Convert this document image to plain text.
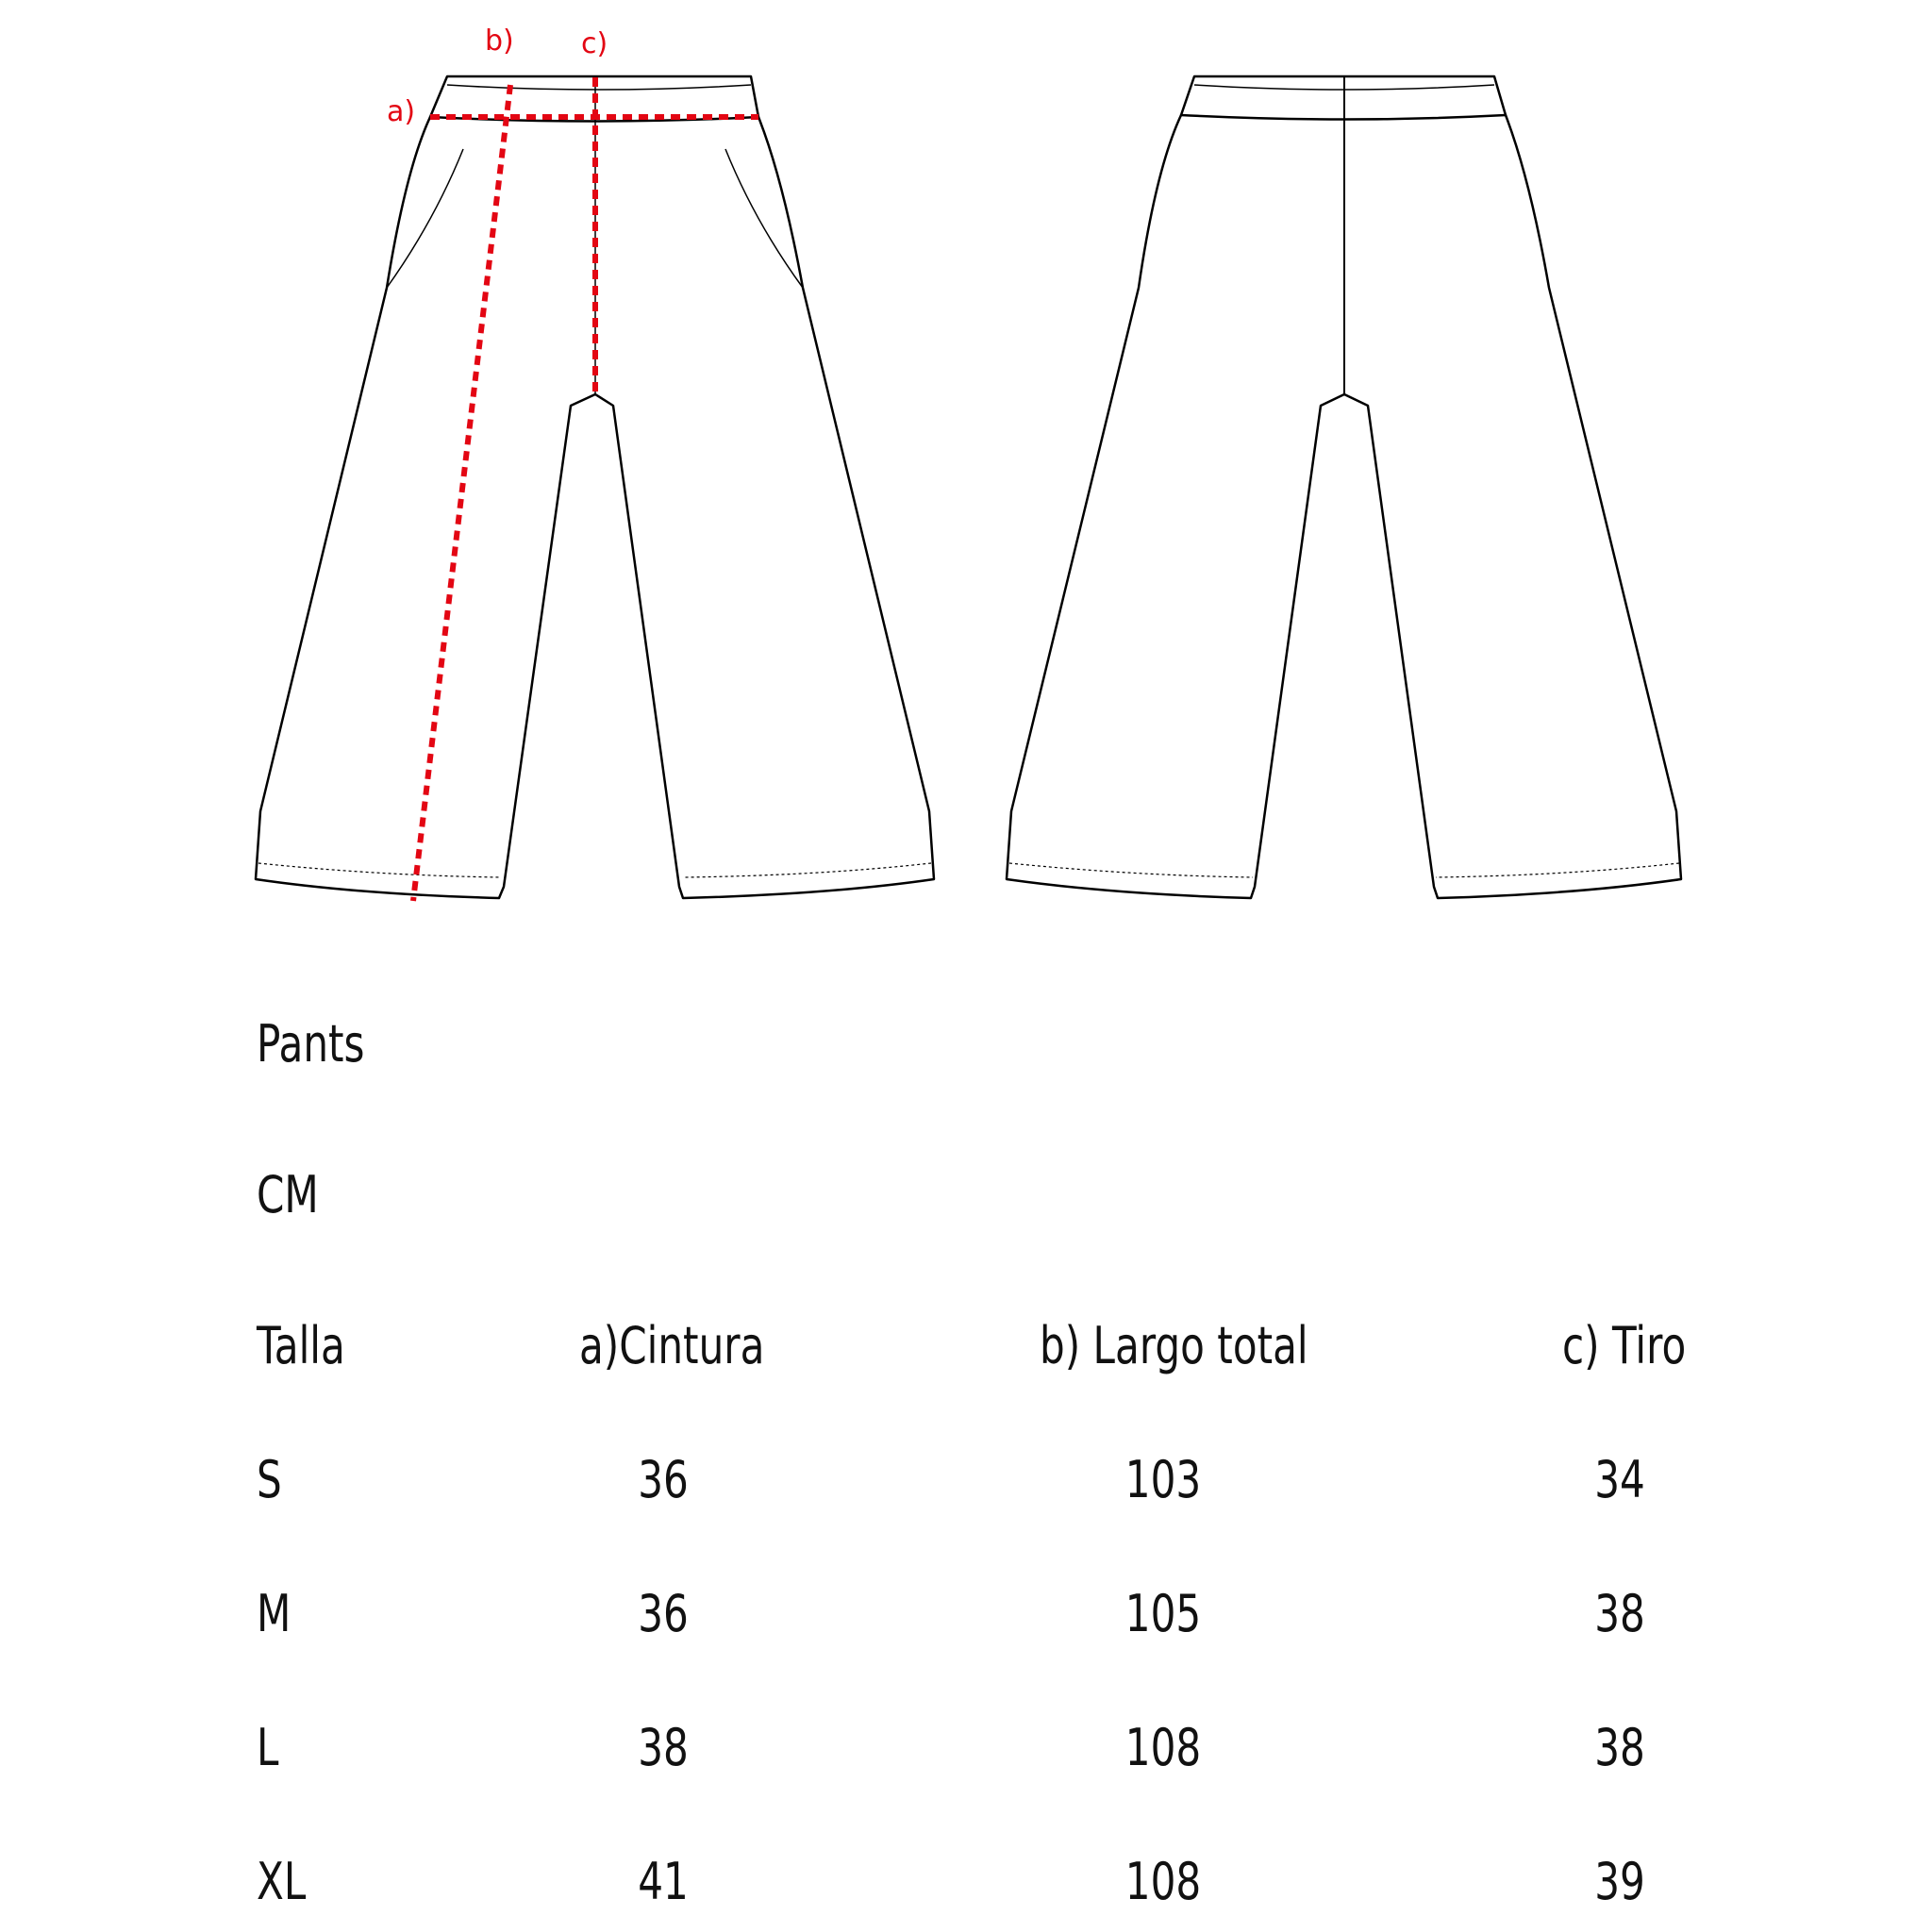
a)
b) c)
Pants
CM
Talla	a)Cintura	b) Largo total	c) Tiro
S	36	103	34
M	36	105	38
L	38	108	38
XL	41	108	39
